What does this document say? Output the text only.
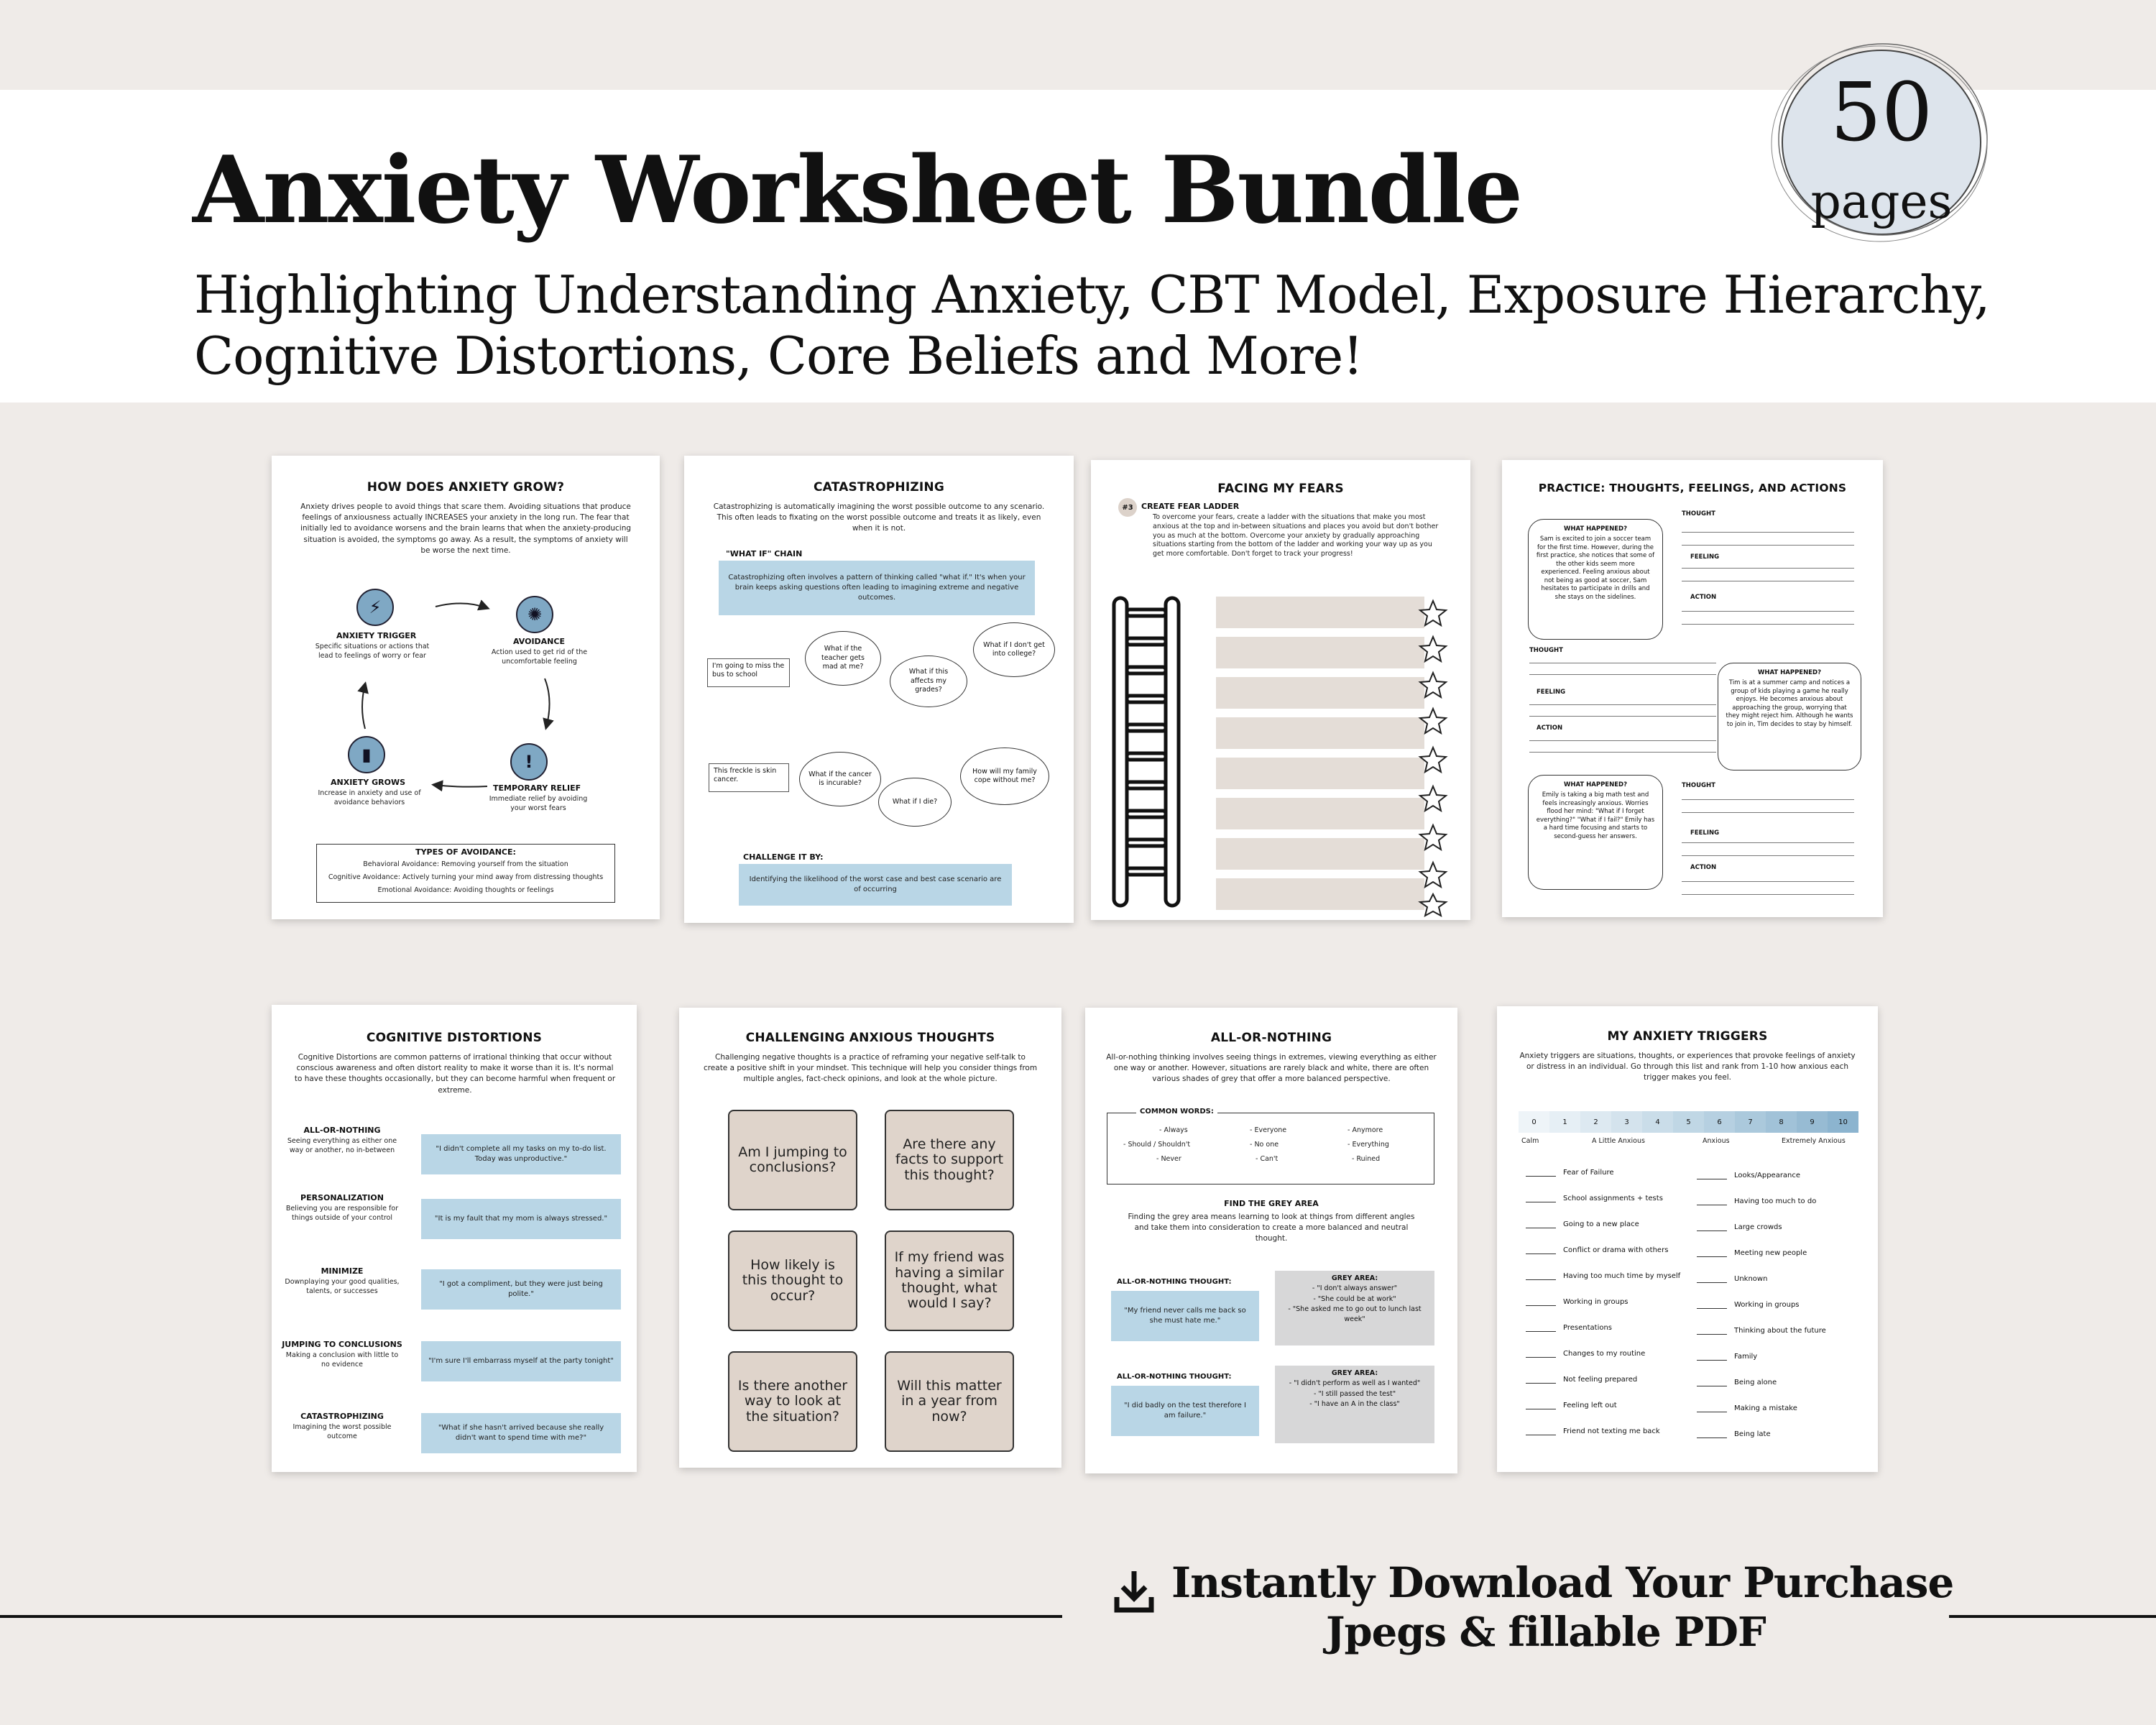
Anxiety Worksheet Bundle
Highlighting Understanding Anxiety, CBT Model, Exposure Hierarchy,
Cognitive Distortions, Core Beliefs and More!
50
pages
HOW DOES ANXIETY GROW?
Anxiety drives people to avoid things that scare them. Avoiding situations that produce feelings of anxiousness actually INCREASES your anxiety in the long run. The fear that initially led to avoidance worsens and the brain learns that when the anxiety-producing situation is avoided, the symptoms go away. As a result, the symptoms of anxiety will be worse the next time.
⚡	✺
!
▮
ANXIETY TRIGGER
Specific situations or actions that lead to feelings of worry or fear
AVOIDANCE
Action used to get rid of the uncomfortable feeling
TEMPORARY RELIEF
Immediate relief by avoiding your worst fears
ANXIETY GROWS
Increase in anxiety and use of avoidance behaviors
TYPES OF AVOIDANCE:
Behavioral Avoidance: Removing yourself from the situation
Cognitive Avoidance: Actively turning your mind away from distressing thoughts
Emotional Avoidance: Avoiding thoughts or feelings
CATASTROPHIZING
Catastrophizing is automatically imagining the worst possible outcome to any scenario. This often leads to fixating on the worst possible outcome and treats it as likely, even when it is not.
"WHAT IF" CHAIN
Catastrophizing often involves a pattern of thinking called "what if." It's when your brain keeps asking questions often leading to imagining extreme and negative outcomes.
I'm going to miss the bus to school
What if the teacher gets mad at me?
What if this affects my grades?
What if I don't get into college?
This freckle is skin cancer.
What if the cancer is incurable?
What if I die?
How will my family cope without me?
CHALLENGE IT BY:
Identifying the likelihood of the worst case and best case scenario are of occurring
FACING MY FEARS
#3	CREATE FEAR LADDER
To overcome your fears, create a ladder with the situations that make you most anxious at the top and in-between situations and places you avoid but don't bother you as much at the bottom. Overcome your anxiety by gradually approaching situations starting from the bottom of the ladder and working your way up as you get more comfortable. Don't forget to track your progress!
PRACTICE: THOUGHTS, FEELINGS, AND ACTIONS
WHAT HAPPENED?
Sam is excited to join a soccer team for the first time. However, during the first practice, she notices that some of the other kids seem more experienced. Feeling anxious about not being as good at soccer, Sam hesitates to participate in drills and she stays on the sidelines.
THOUGHT
FEELING
ACTION
THOUGHT
FEELING
ACTION
WHAT HAPPENED?
Tim is at a summer camp and notices a group of kids playing a game he really enjoys. He becomes anxious about approaching the group, worrying that they might reject him. Although he wants to join in, Tim decides to stay by himself.
WHAT HAPPENED?
Emily is taking a big math test and feels increasingly anxious. Worries flood her mind: "What if I forget everything?" "What if I fail?" Emily has a hard time focusing and starts to second-guess her answers.
THOUGHT
FEELING
ACTION
COGNITIVE DISTORTIONS
Cognitive Distortions are common patterns of irrational thinking that occur without conscious awareness and often distort reality to make it worse than it is. It's normal to have these thoughts occasionally, but they can become harmful when frequent or extreme.
ALL-OR-NOTHING
Seeing everything as either one way or another, no in-between	"I didn't complete all my tasks on my to-do list. Today was unproductive."
PERSONALIZATION
Believing you are responsible for things outside of your control	"It is my fault that my mom is always stressed."
MINIMIZE
Downplaying your good qualities, talents, or successes
"I got a compliment, but they were just being polite."
JUMPING TO CONCLUSIONS
Making a conclusion with little to no evidence	"I'm sure I'll embarrass myself at the party tonight"
CATASTROPHIZING
Imagining the worst possible outcome
"What if she hasn't arrived because she really didn't want to spend time with me?"
CHALLENGING ANXIOUS THOUGHTS
Challenging negative thoughts is a practice of reframing your negative self-talk to create a positive shift in your mindset. This technique will help you consider things from multiple angles, fact-check opinions, and look at the whole picture.
Am I jumping to conclusions?
Are there any facts to support this thought?
How likely is this thought to occur?
If my friend was having a similar thought, what would I say?
Is there another way to look at the situation?
Will this matter in a year from now?
ALL-OR-NOTHING
All-or-nothing thinking involves seeing things in extremes, viewing everything as either one way or another. However, situations are rarely black and white, there are often various shades of grey that offer a more balanced perspective.
COMMON WORDS:
- Always	- Everyone	- Anymore
- Should / Shouldn't	- No one	- Everything
- Never	- Can't	- Ruined
FIND THE GREY AREA
Finding the grey area means learning to look at things from different angles and take them into consideration to create a more balanced and neutral thought.
ALL-OR-NOTHING THOUGHT:
"My friend never calls me back so she must hate me."
GREY AREA:
- "I don't always answer"
- "She could be at work"
- "She asked me to go out to lunch last week"
ALL-OR-NOTHING THOUGHT:
"I did badly on the test therefore I am failure."
GREY AREA:
- "I didn't perform as well as I wanted"
- "I still passed the test"
- "I have an A in the class"
MY ANXIETY TRIGGERS
Anxiety triggers are situations, thoughts, or experiences that provoke feelings of anxiety or distress in an individual. Go through this list and rank from 1-10 how anxious each trigger makes you feel.
0	1	2	3	4	5	6	7	8	9	10
Calm	A Little Anxious	Anxious	Extremely Anxious
Fear of Failure
School assignments + tests
Going to a new place
Conflict or drama with others
Having too much time by myself
Working in groups
Presentations
Changes to my routine
Not feeling prepared
Feeling left out
Friend not texting me back
Looks/Appearance
Having too much to do
Large crowds
Meeting new people
Unknown
Working in groups
Thinking about the future
Family
Being alone
Making a mistake
Being late
Instantly Download Your Purchase
Jpegs & fillable PDF
